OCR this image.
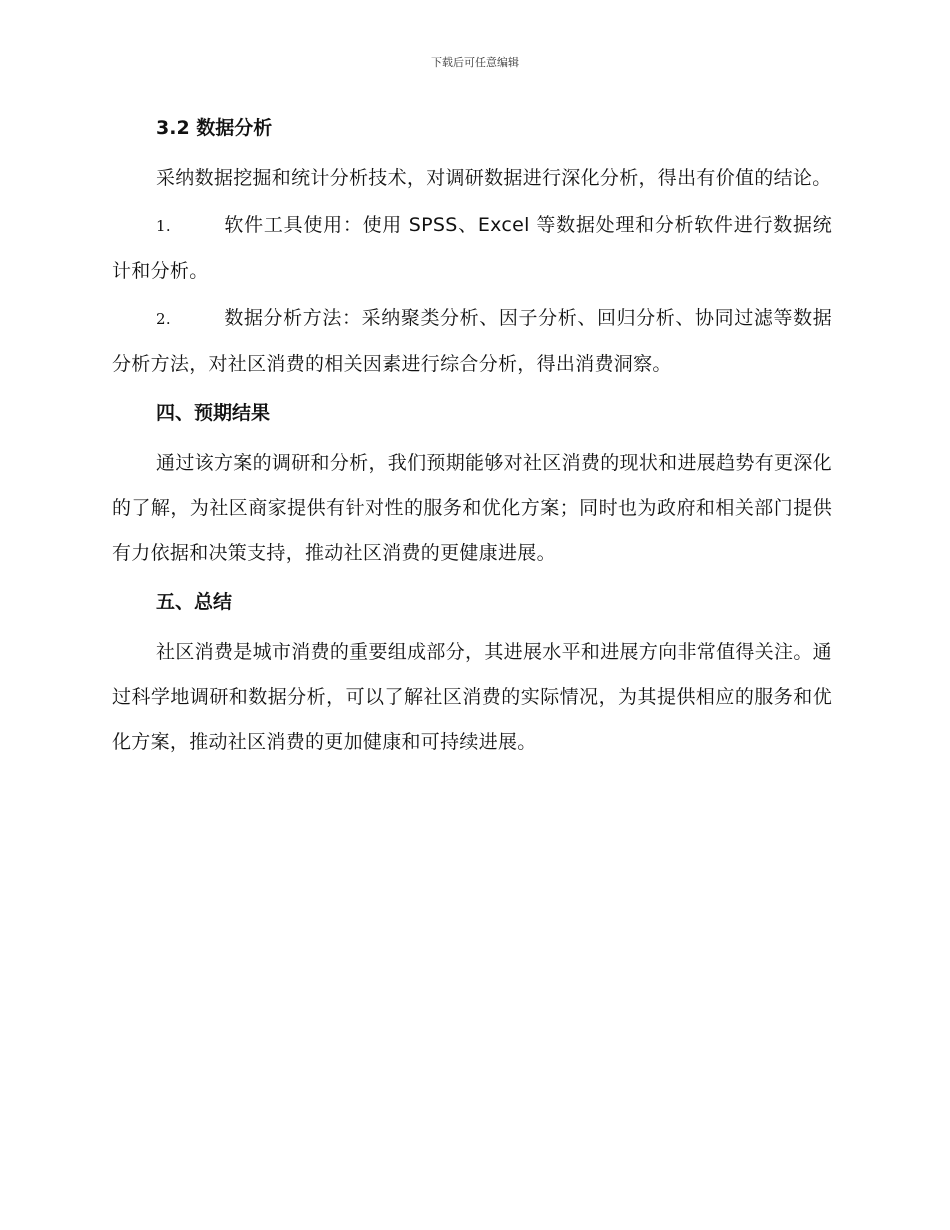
下载后可任意编辑
3.2 数据分析

采纳数据挖掘和统计分析技术，对调研数据进行深化分析，得出有价值的结论。

1.	软件工具使用：使用 SPSS、Excel 等数据处理和分析软件进行数据统计和分析。
2.	数据分析方法：采纳聚类分析、因子分析、回归分析、协同过滤等数据分析方法，对社区消费的相关因素进行综合分析，得出消费洞察。
四、预期结果

通过该方案的调研和分析，我们预期能够对社区消费的现状和进展趋势有更深化的了解，为社区商家提供有针对性的服务和优化方案；同时也为政府和相关部门提供有力依据和决策支持，推动社区消费的更健康进展。

五、总结

社区消费是城市消费的重要组成部分，其进展水平和进展方向非常值得关注。通过科学地调研和数据分析，可以了解社区消费的实际情况，为其提供相应的服务和优化方案，推动社区消费的更加健康和可持续进展。
